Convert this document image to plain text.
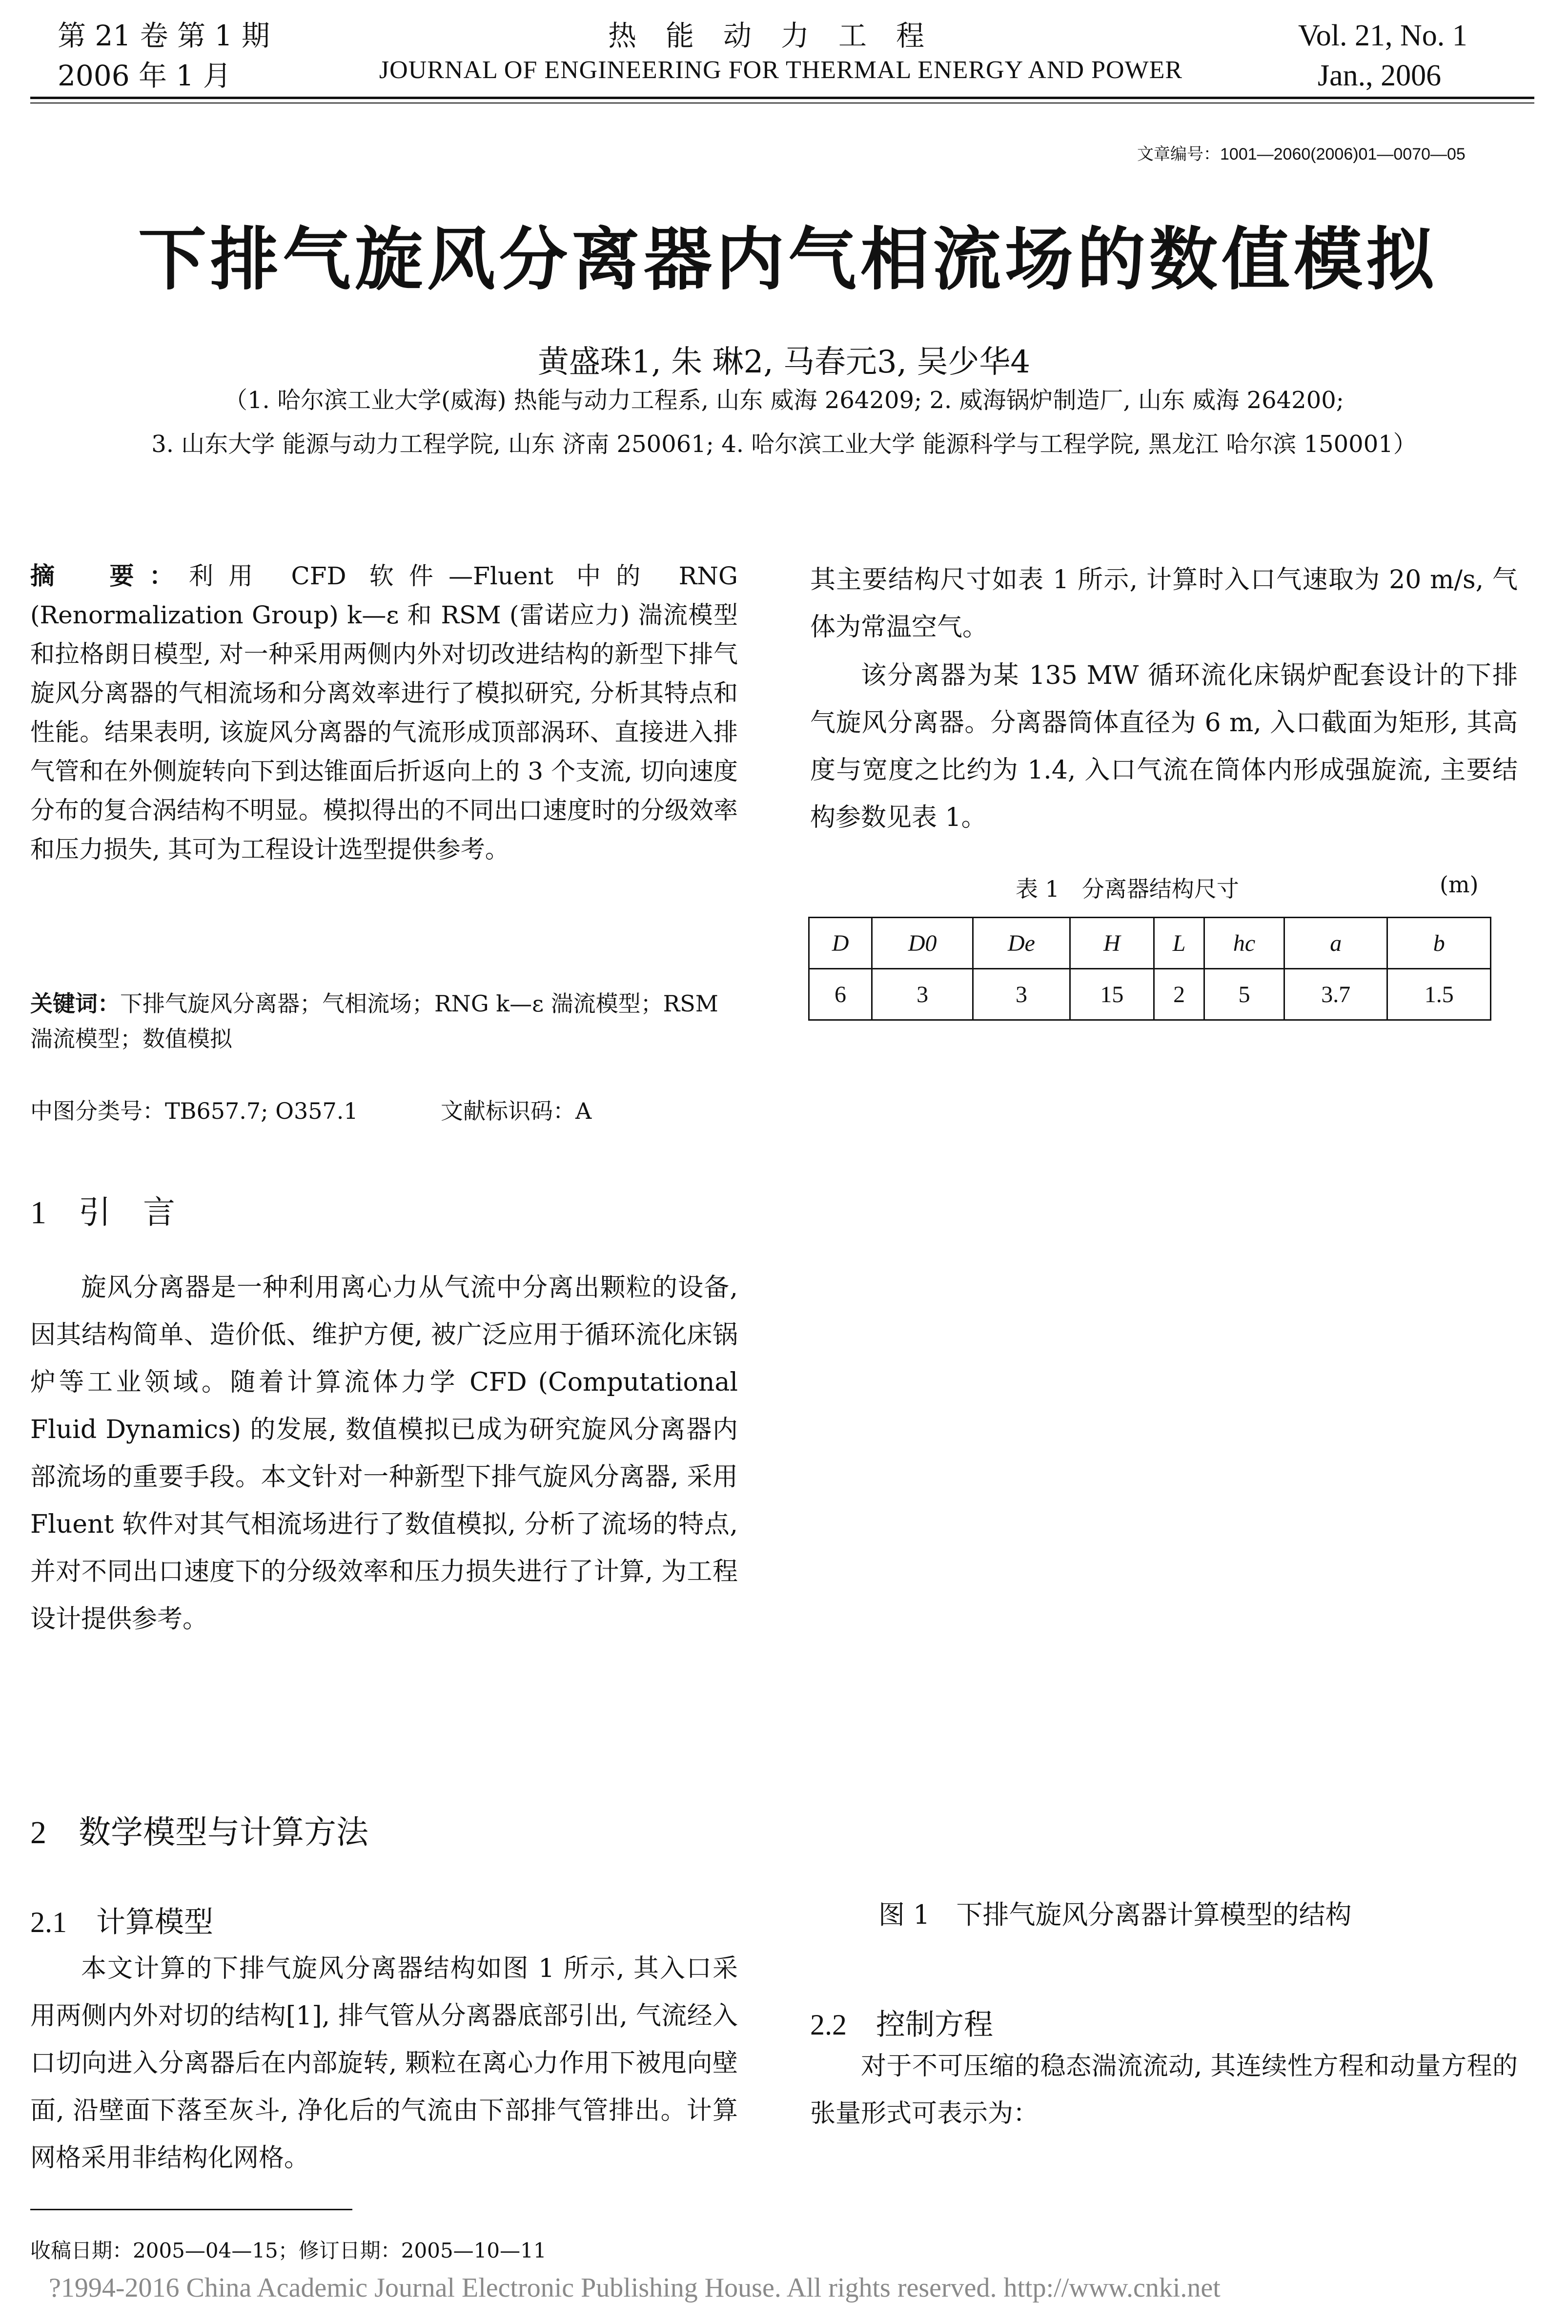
第 21 卷 第 1 期
2006 年 1 月
热能动力工程
JOURNAL OF ENGINEERING FOR THERMAL ENERGY AND POWER
Vol. 21, No. 1
Jan., 2006
文章编号：1001—2060(2006)01—0070—05
下排气旋风分离器内气相流场的数值模拟
黄盛珠1, 朱 琳2, 马春元3, 吴少华4
（1. 哈尔滨工业大学(威海) 热能与动力工程系, 山东 威海 264209; 2. 威海锅炉制造厂, 山东 威海 264200;
3. 山东大学 能源与动力工程学院, 山东 济南 250061; 4. 哈尔滨工业大学 能源科学与工程学院, 黑龙江 哈尔滨 150001）
摘　要：利用 CFD 软件—Fluent 中的 RNG (Renormalization Group) k—ε 和 RSM (雷诺应力) 湍流模型和拉格朗日模型, 对一种采用两侧内外对切改进结构的新型下排气旋风分离器的气相流场和分离效率进行了模拟研究, 分析其特点和性能。结果表明, 该旋风分离器的气流形成顶部涡环、直接进入排气管和在外侧旋转向下到达锥面后折返向上的 3 个支流, 切向速度分布的复合涡结构不明显。模拟得出的不同出口速度时的分级效率和压力损失, 其可为工程设计选型提供参考。
关键词：下排气旋风分离器；气相流场；RNG k—ε 湍流模型；RSM 湍流模型；数值模拟
中图分类号：TB657.7; O357.1	文献标识码：A
1　引　言
旋风分离器是一种利用离心力从气流中分离出颗粒的设备, 因其结构简单、造价低、维护方便, 被广泛应用于循环流化床锅炉等工业领域。随着计算流体力学 CFD (Computational Fluid Dynamics) 的发展, 数值模拟已成为研究旋风分离器内部流场的重要手段。本文针对一种新型下排气旋风分离器, 采用 Fluent 软件对其气相流场进行了数值模拟, 分析了流场的特点, 并对不同出口速度下的分级效率和压力损失进行了计算, 为工程设计提供参考。
2　数学模型与计算方法
2.1　计算模型
本文计算的下排气旋风分离器结构如图 1 所示, 其入口采用两侧内外对切的结构[1], 排气管从分离器底部引出, 气流经入口切向进入分离器后在内部旋转, 颗粒在离心力作用下被甩向壁面, 沿壁面下落至灰斗, 净化后的气流由下部排气管排出。计算网格采用非结构化网格。
其主要结构尺寸如表 1 所示, 计算时入口气速取为 20 m/s, 气体为常温空气。
该分离器为某 135 MW 循环流化床锅炉配套设计的下排气旋风分离器。分离器筒体直径为 6 m, 入口截面为矩形, 其高度与宽度之比约为 1.4, 入口气流在筒体内形成强旋流, 主要结构参数见表 1。
表 1　分离器结构尺寸	(m)
D	D0	De	H	L	hc	a	b
6	3	3	15	2	5	3.7	1.5
图 1　下排气旋风分离器计算模型的结构
2.2　控制方程
对于不可压缩的稳态湍流流动, 其连续性方程和动量方程的张量形式可表示为：
收稿日期：2005—04—15；修订日期：2005—10—11
?1994-2016 China Academic Journal Electronic Publishing House. All rights reserved. http://www.cnki.net
